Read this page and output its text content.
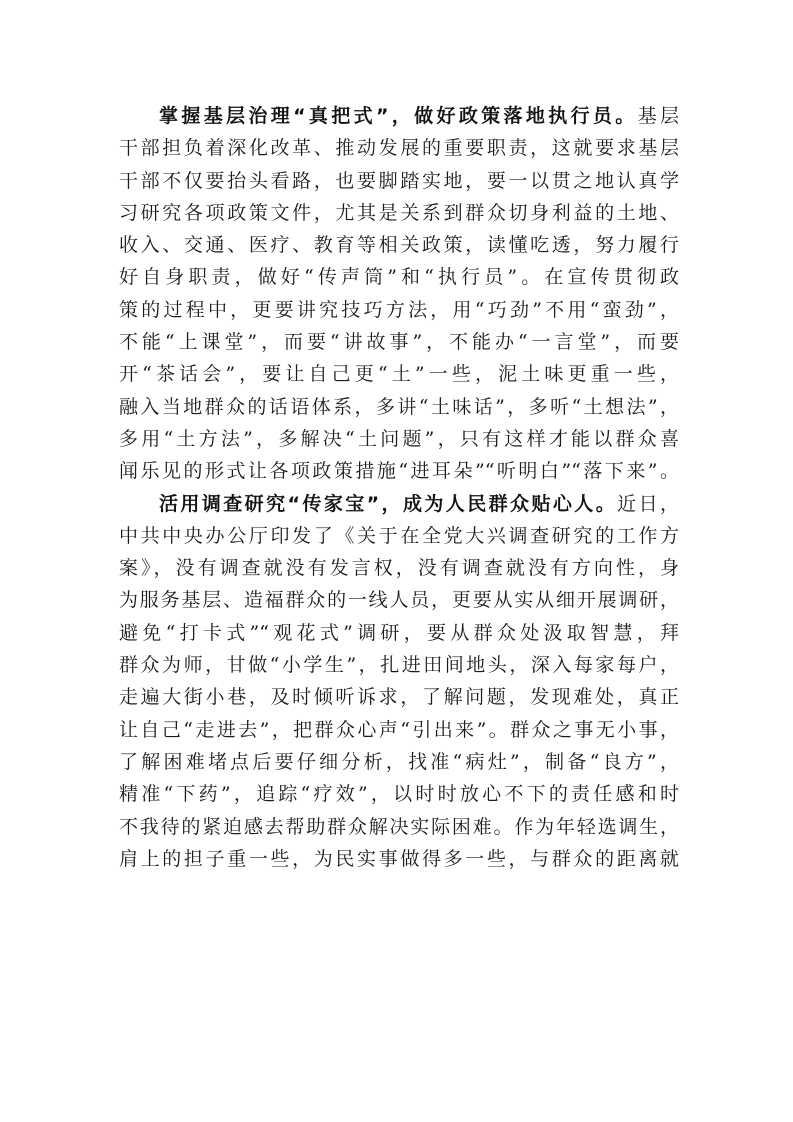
掌握基层治理“真把式”，做好政策落地执行员。基层
干部担负着深化改革、推动发展的重要职责，这就要求基层
干部不仅要抬头看路，也要脚踏实地，要一以贯之地认真学
习研究各项政策文件，尤其是关系到群众切身利益的土地、
收入、交通、医疗、教育等相关政策，读懂吃透，努力履行
好自身职责，做好“传声筒”和“执行员”。在宣传贯彻政
策的过程中，更要讲究技巧方法，用“巧劲”不用“蛮劲”，
不能“上课堂”，而要“讲故事”，不能办“一言堂”，而要
开“茶话会”，要让自己更“土”一些，泥土味更重一些，
融入当地群众的话语体系，多讲“土味话”，多听“土想法”，
多用“土方法”，多解决“土问题”，只有这样才能以群众喜
闻乐见的形式让各项政策措施“进耳朵”“听明白”“落下来”。
活用调查研究“传家宝”，成为人民群众贴心人。近日，
中共中央办公厅印发了《关于在全党大兴调查研究的工作方
案》，没有调查就没有发言权，没有调查就没有方向性，身
为服务基层、造福群众的一线人员，更要从实从细开展调研，
避免“打卡式”“观花式”调研，要从群众处汲取智慧，拜
群众为师，甘做“小学生”，扎进田间地头，深入每家每户，
走遍大街小巷，及时倾听诉求，了解问题，发现难处，真正
让自己“走进去”，把群众心声“引出来”。群众之事无小事，
了解困难堵点后要仔细分析，找准“病灶”，制备“良方”，
精准“下药”，追踪“疗效”，以时时放心不下的责任感和时
不我待的紧迫感去帮助群众解决实际困难。作为年轻选调生，
肩上的担子重一些，为民实事做得多一些，与群众的距离就
